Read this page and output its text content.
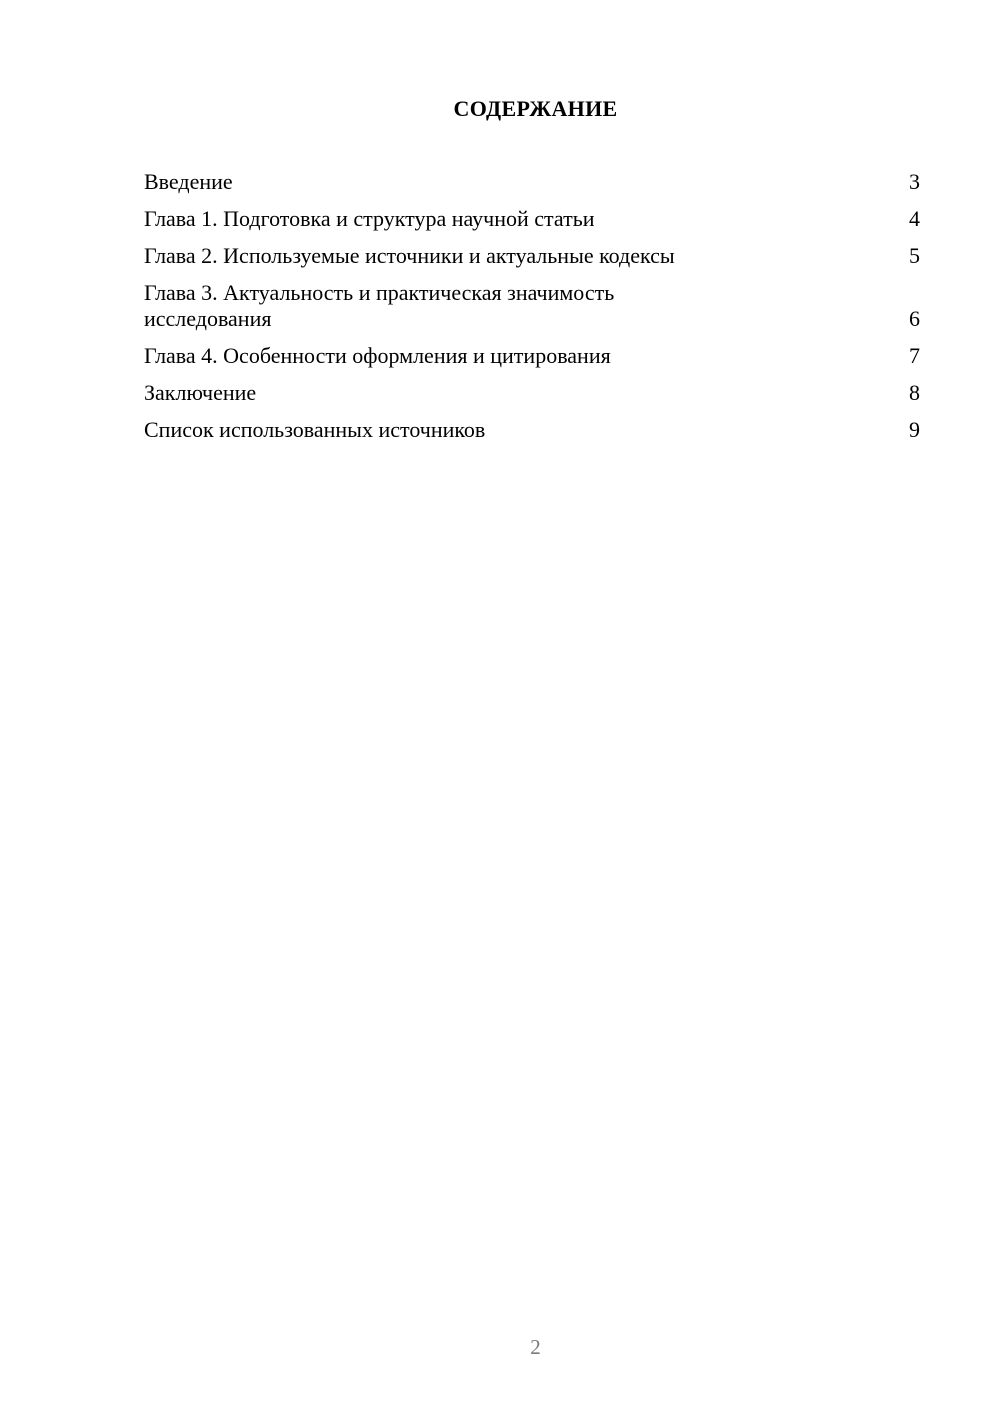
СОДЕРЖАНИЕ
Введение	3
Глава 1. Подготовка и структура научной статьи	4
Глава 2. Используемые источники и актуальные кодексы	5
Глава 3. Актуальность и практическая значимость исследования	6
Глава 4. Особенности оформления и цитирования	7
Заключение	8
Список использованных источников	9
2
